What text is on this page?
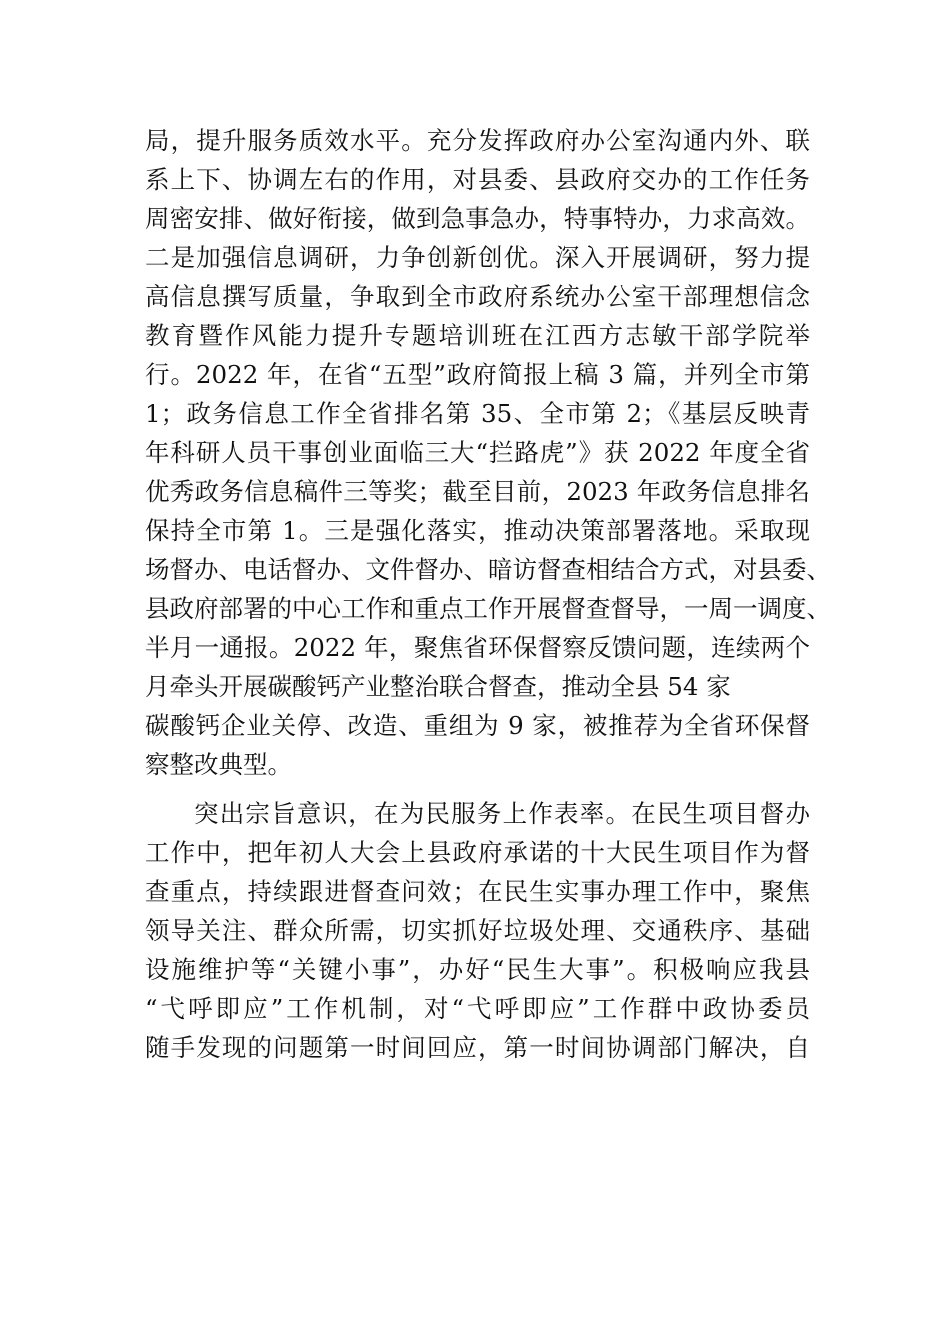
局，提升服务质效水平。充分发挥政府办公室沟通内外、联
系上下、协调左右的作用，对县委、县政府交办的工作任务
周密安排、做好衔接，做到急事急办，特事特办，力求高效。
二是加强信息调研，力争创新创优。深入开展调研，努力提
高信息撰写质量，争取到全市政府系统办公室干部理想信念
教育暨作风能力提升专题培训班在江西方志敏干部学院举
行。2022 年，在省“五型”政府简报上稿 3 篇，并列全市第
1；政务信息工作全省排名第 35、全市第 2；《基层反映青
年科研人员干事创业面临三大“拦路虎”》获 2022 年度全省
优秀政务信息稿件三等奖；截至目前，2023 年政务信息排名
保持全市第 1。三是强化落实，推动决策部署落地。采取现
场督办、电话督办、文件督办、暗访督查相结合方式，对县委、
县政府部署的中心工作和重点工作开展督查督导，一周一调度、
半月一通报。2022 年，聚焦省环保督察反馈问题，连续两个
月牵头开展碳酸钙产业整治联合督查，推动全县 54 家
碳酸钙企业关停、改造、重组为 9 家，被推荐为全省环保督
察整改典型。
突出宗旨意识，在为民服务上作表率。在民生项目督办
工作中，把年初人大会上县政府承诺的十大民生项目作为督
查重点，持续跟进督查问效；在民生实事办理工作中，聚焦
领导关注、群众所需，切实抓好垃圾处理、交通秩序、基础
设施维护等“关键小事”，办好“民生大事”。积极响应我县
“弋呼即应”工作机制，对“弋呼即应”工作群中政协委员
随手发现的问题第一时间回应，第一时间协调部门解决，自
